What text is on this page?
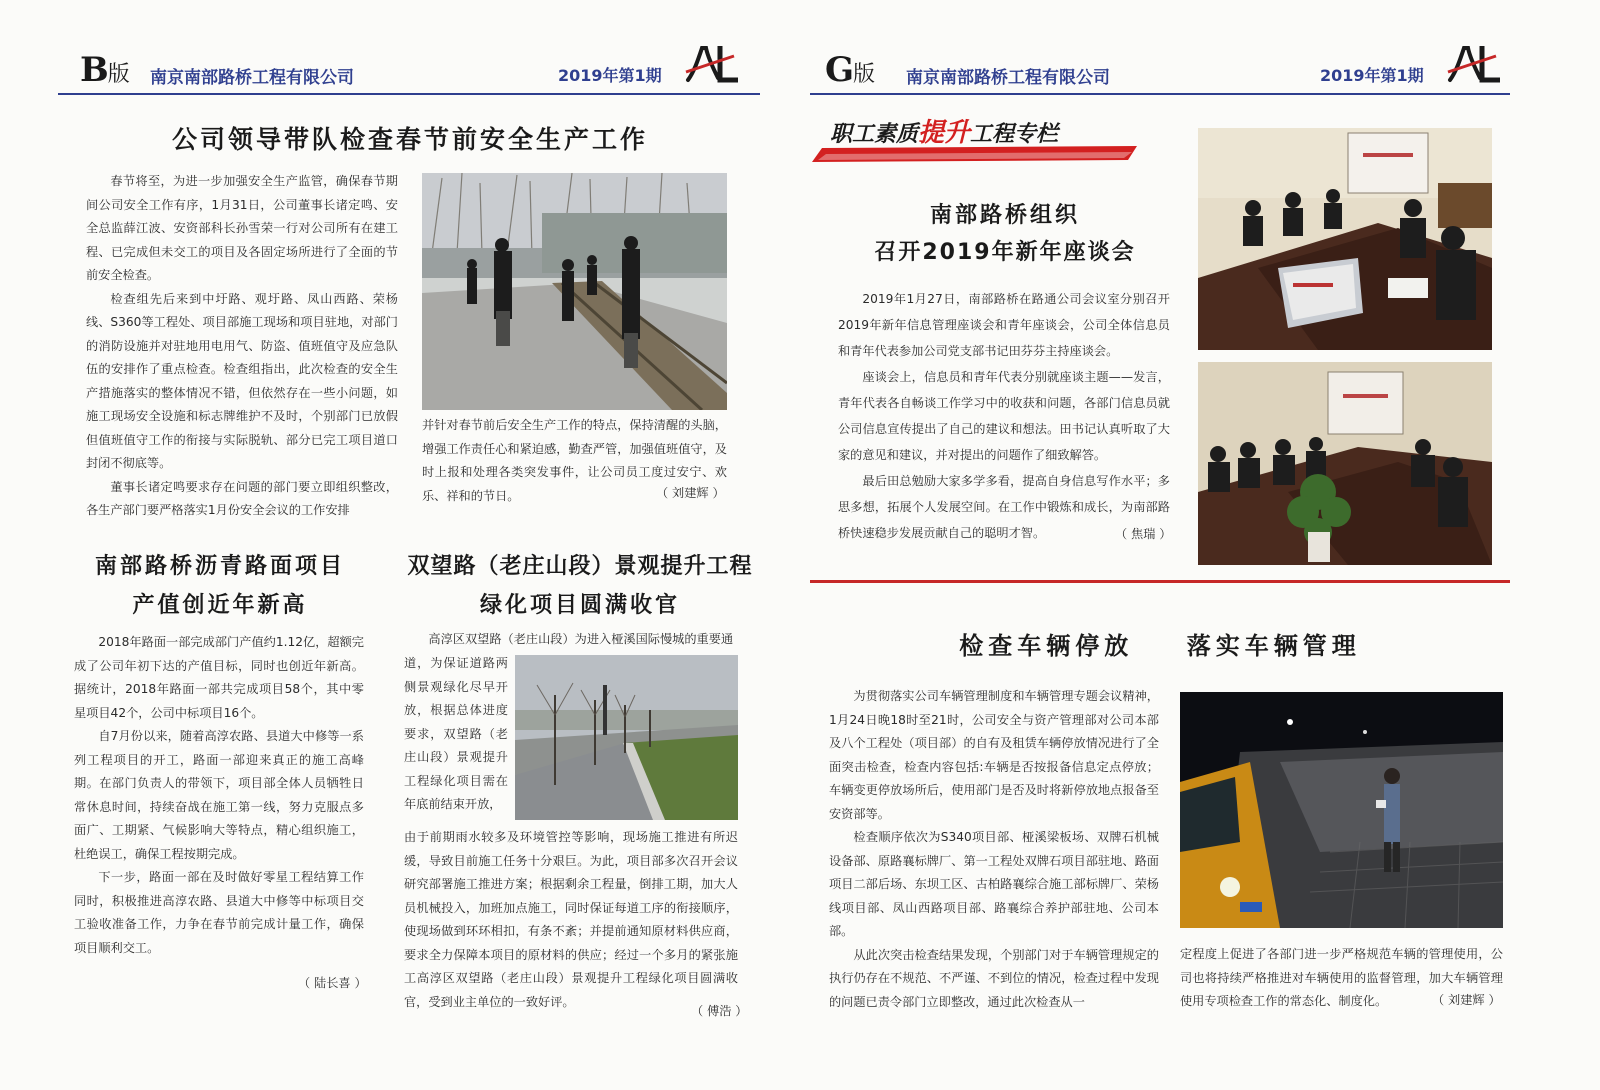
B版 南京南部路桥工程有限公司	2019年第1期
公司领导带队检查春节前安全生产工作

春节将至，为进一步加强安全生产监管，确保春节期间公司安全工作有序，1月31日，公司董事长诸定鸣、安全总监薛江波、安资部科长孙雪荣一行对公司所有在建工程、已完成但未交工的项目及各固定场所进行了全面的节前安全检查。

检查组先后来到中圩路、观圩路、凤山西路、荣杨线、S360等工程处、项目部施工现场和项目驻地，对部门的消防设施并对驻地用电用气、防盗、值班值守及应急队伍的安排作了重点检查。检查组指出，此次检查的安全生产措施落实的整体情况不错，但依然存在一些小问题，如施工现场安全设施和标志牌维护不及时，个别部门已放假但值班值守工作的衔接与实际脱轨、部分已完工项目道口封闭不彻底等。

董事长诸定鸣要求存在问题的部门要立即组织整改，各生产部门要严格落实1月份安全会议的工作安排

并针对春节前后安全生产工作的特点，保持清醒的头脑，增强工作责任心和紧迫感，勤查严管，加强值班值守，及时上报和处理各类突发事件，让公司员工度过安宁、欢乐、祥和的节日。	（ 刘建辉 ）
南部路桥沥青路面项目
产值创近年新高

2018年路面一部完成部门产值约1.12亿，超额完成了公司年初下达的产值目标，同时也创近年新高。据统计，2018年路面一部共完成项目58个，其中零星项目42个，公司中标项目16个。

自7月份以来，随着高淳农路、县道大中修等一系列工程项目的开工，路面一部迎来真正的施工高峰期。在部门负责人的带领下，项目部全体人员牺牲日常休息时间，持续奋战在施工第一线，努力克服点多面广、工期紧、气候影响大等特点，精心组织施工，杜绝误工，确保工程按期完成。

下一步，路面一部在及时做好零星工程结算工作同时，积极推进高淳农路、县道大中修等中标项目交工验收准备工作，力争在春节前完成计量工作，确保项目顺利交工。

（ 陆长喜 ）
双望路（老庄山段）景观提升工程
绿化项目圆满收官

高淳区双望路（老庄山段）为进入桠溪国际慢城的重要通

道，为保证道路两侧景观绿化尽早开放，根据总体进度要求，双望路（老庄山段）景观提升工程绿化项目需在年底前结束开放，
由于前期雨水较多及环境管控等影响，现场施工推进有所迟缓，导致目前施工任务十分艰巨。为此，项目部多次召开会议研究部署施工推进方案；根据剩余工程量，倒排工期，加大人员机械投入，加班加点施工，同时保证每道工序的衔接顺序，使现场做到环环相扣，有条不紊；并提前通知原材料供应商，要求全力保障本项目的原材料的供应；经过一个多月的紧张施工高淳区双望路（老庄山段）景观提升工程绿化项目圆满收官，受到业主单位的一致好评。
（ 傅浩 ）
G版 南京南部路桥工程有限公司	2019年第1期
职工素质提升工程专栏
南部路桥组织
召开2019年新年座谈会

2019年1月27日，南部路桥在路通公司会议室分别召开2019年新年信息管理座谈会和青年座谈会，公司全体信息员和青年代表参加公司党支部书记田芬芬主持座谈会。

座谈会上，信息员和青年代表分别就座谈主题——发言，青年代表各自畅谈工作学习中的收获和问题，各部门信息员就公司信息宣传提出了自己的建议和想法。田书记认真听取了大家的意见和建议，并对提出的问题作了细致解答。

最后田总勉励大家多学多看，提高自身信息写作水平；多思多想，拓展个人发展空间。在工作中锻炼和成长，为南部路桥快速稳步发展贡献自己的聪明才智。	（ 焦瑞 ）
检查车辆停放    落实车辆管理

为贯彻落实公司车辆管理制度和车辆管理专题会议精神，1月24日晚18时至21时，公司安全与资产管理部对公司本部及八个工程处（项目部）的自有及租赁车辆停放情况进行了全面突击检查，检查内容包括:车辆是否按报备信息定点停放；车辆变更停放场所后，使用部门是否及时将新停放地点报备至安资部等。

检查顺序依次为S340项目部、桠溪梁板场、双牌石机械设备部、原路襄标牌厂、第一工程处双牌石项目部驻地、路面项目二部后场、东坝工区、古柏路襄综合施工部标牌厂、荣杨线项目部、凤山西路项目部、路襄综合养护部驻地、公司本部。

从此次突击检查结果发现，个别部门对于车辆管理规定的执行仍存在不规范、不严谨、不到位的情况，检查过程中发现的问题已责令部门立即整改，通过此次检查从一

定程度上促进了各部门进一步严格规范车辆的管理使用，公司也将持续严格推进对车辆使用的监督管理，加大车辆管理使用专项检查工作的常态化、制度化。	（ 刘建辉 ）
